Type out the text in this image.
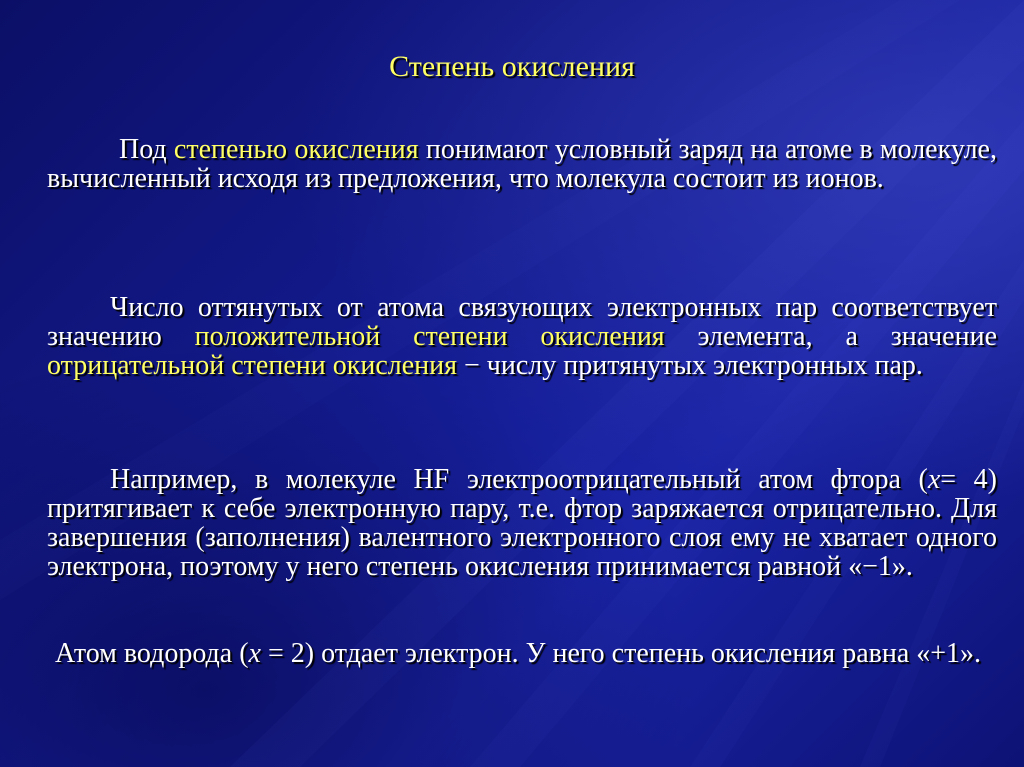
Степень окисления

Под степенью окисления понимают условный заряд на атоме в молекуле, вычисленный исходя из предложения, что молекула состоит из ионов.

Число оттянутых от атома связующих электронных пар соответствует значению положительной степени окисления элемента, а значение отрицательной степени окисления − числу притянутых электронных пар.

Например, в молекуле HF электроотрицательный атом фтора (х= 4) притягивает к себе электронную пару, т.е. фтор заряжается отрицательно. Для завершения (заполнения) валентного электронного слоя ему не хватает одного электрона, поэтому у него степень окисления принимается равной «−1».

Атом водорода (х = 2) отдает электрон. У него степень окисления равна «+1».
